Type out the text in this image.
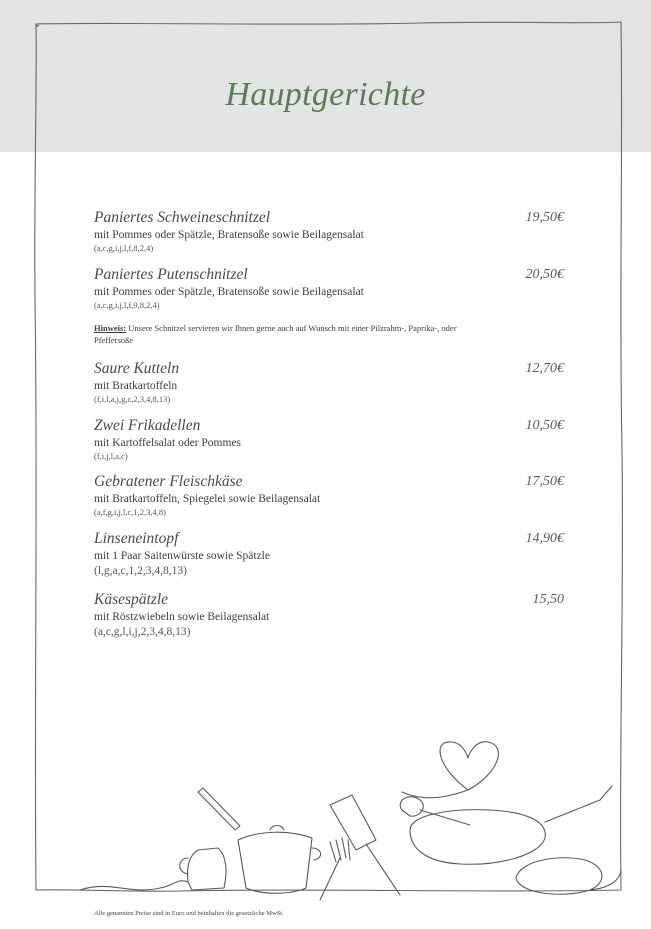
Hauptgerichte
Paniertes Schweineschnitzel	19,50€
mit Pommes oder Spätzle, Bratensoße sowie Beilagensalat
(a,c,g,i,j,l,f,8,2,4)
Paniertes Putenschnitzel	20,50€
mit Pommes oder Spätzle, Bratensoße sowie Beilagensalat
(a,c,g,i,j,l,f,9,8,2,4)
Hinweis: Unsere Schnitzel servieren wir Ihnen gerne auch auf Wunsch mit einer Pilzrahm-, Paprika-, oder Pfeffersoße
Saure Kutteln	12,70€
mit Bratkartoffeln
(f,i,l,a,j,g,c,2,3,4,8,13)
Zwei Frikadellen	10,50€
mit Kartoffelsalat oder Pommes
(f,i,j,l,a,c)
Gebratener Fleischkäse	17,50€
mit Bratkartoffeln, Spiegelei sowie Beilagensalat
(a,f,g,i,j,l,c,1,2,3,4,8)
Linseneintopf	14,90€
mit 1 Paar Saitenwürste sowie Spätzle
(l,g,a,c,1,2,3,4,8,13)
Käsespätzle	15,50
mit Röstzwiebeln sowie Beilagensalat
(a,c,g,l,i,j,2,3,4,8,13)
Alle genannten Preise sind in Euro und beinhalten die gesetzliche MwSt.
